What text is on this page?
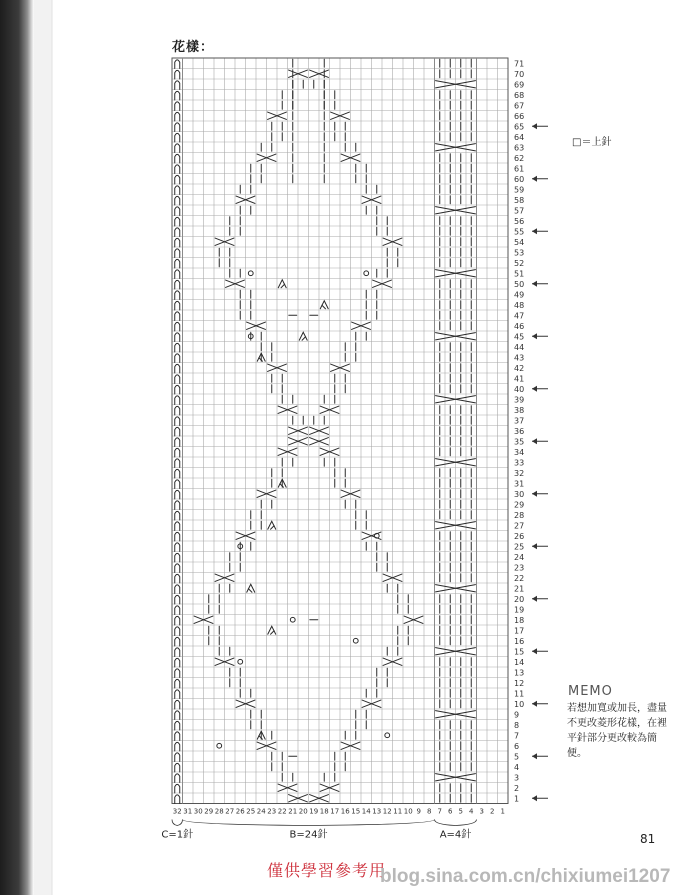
花樣：
1
2
3
4
5
6
7
8
9
10
11
12
13
14
15
16
17
18
19
20
21
22
23
24
25
26
27
28
29
30
31
32
33
34
35
36
37
38
39
40
41
42
43
44
45
46
47
48
49
50
51
52
53
54
55
56
57
58
59
60
61
62
63
64
65
66
67
68
69
70
71
1
2
3
4
5
6
7
8
9
10
11
12
13
14
15
16
17
18
19
20
21
22
23
24
25
26
27
28
29
30
31
32
C=1針	B=24針	A=4針
□＝上針
MEMO
若想加寬或加長，盡量不更改菱形花樣，在裡平針部分更改較為簡便。
81
僅供學習參考用
blog.sina.com.cn/chixiumei1207
